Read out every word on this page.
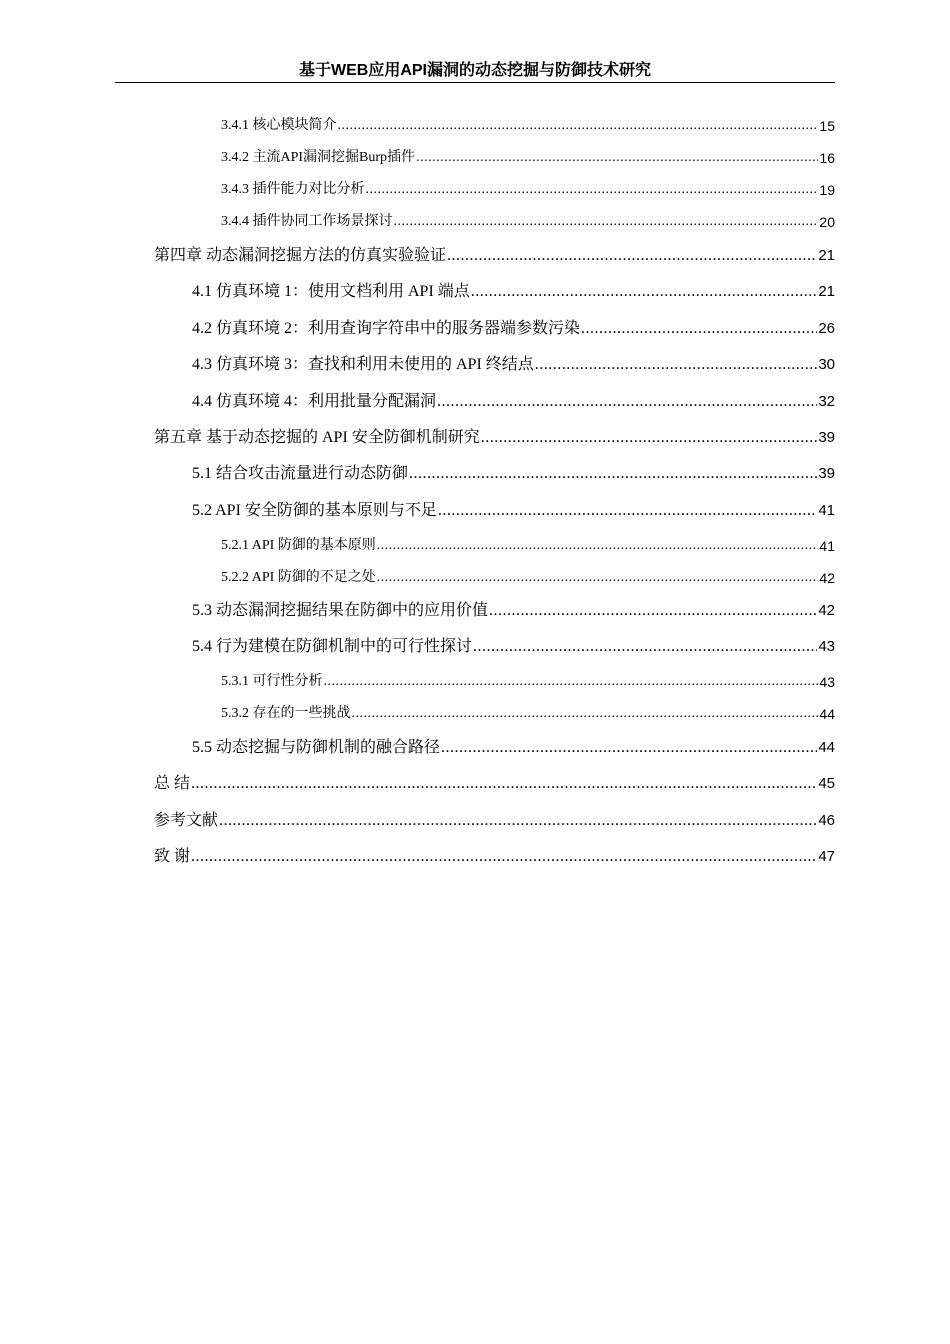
基于WEB应用API漏洞的动态挖掘与防御技术研究
3.4.1 核心模块简介 .....	15
3.4.2 主流API漏洞挖掘Burp插件 .....	16
3.4.3 插件能力对比分析 .....	19
3.4.4 插件协同工作场景探讨 .....	20
第四章 动态漏洞挖掘方法的仿真实验验证 .....	21
4.1 仿真环境 1：使用文档利用 API 端点 .....	21
4.2 仿真环境 2：利用查询字符串中的服务器端参数污染 .....	26
4.3 仿真环境 3：查找和利用未使用的 API 终结点 .....	30
4.4 仿真环境 4：利用批量分配漏洞 .....	32
第五章 基于动态挖掘的 API 安全防御机制研究 .....	39
5.1 结合攻击流量进行动态防御 .....	39
5.2 API 安全防御的基本原则与不足 .....	41
5.2.1 API 防御的基本原则 .....	41
5.2.2 API 防御的不足之处 .....	42
5.3 动态漏洞挖掘结果在防御中的应用价值 .....	42
5.4 行为建模在防御机制中的可行性探讨 .....	43
5.3.1 可行性分析 .....	43
5.3.2 存在的一些挑战 .....	44
5.5 动态挖掘与防御机制的融合路径 .....	44
总 结 .....	45
参考文献 .....	46
致 谢 .....	47
